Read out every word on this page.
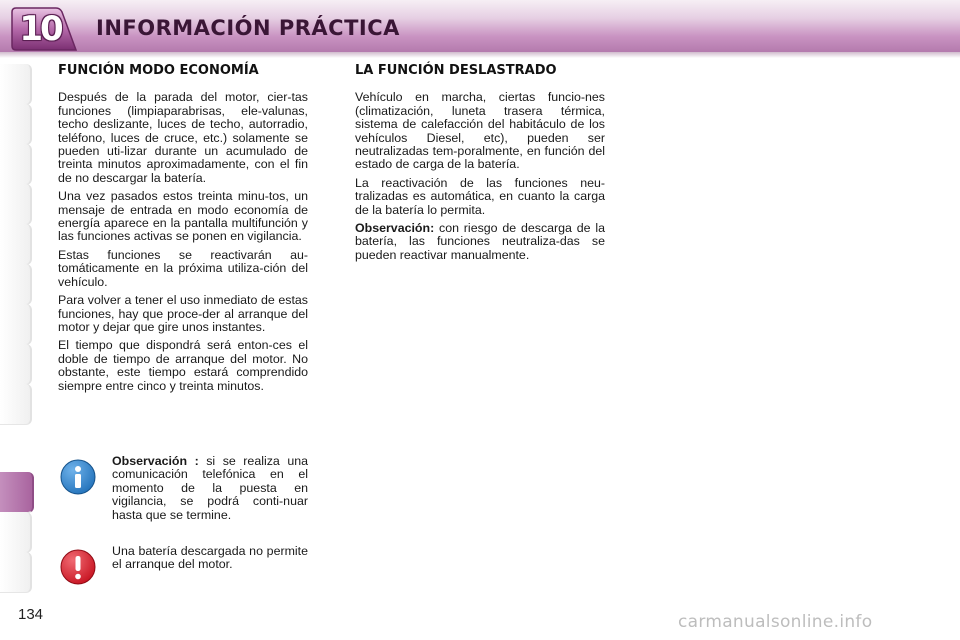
10	INFORMACIÓN PRÁCTICA
FUNCIÓN MODO ECONOMÍA

Después de la parada del motor, cier-tas funciones (limpiaparabrisas, ele-valunas, techo deslizante, luces de techo, autorradio, teléfono, luces de cruce, etc.) solamente se pueden uti-lizar durante un acumulado de treinta minutos aproximadamente, con el fin de no descargar la batería.

Una vez pasados estos treinta minu-tos, un mensaje de entrada en modo economía de energía aparece en la pantalla multifunción y las funciones activas se ponen en vigilancia.

Estas funciones se reactivarán au-tomáticamente en la próxima utiliza-ción del vehículo.

Para volver a tener el uso inmediato de estas funciones, hay que proce-der al arranque del motor y dejar que gire unos instantes.

El tiempo que dispondrá será enton-ces el doble de tiempo de arranque del motor. No obstante, este tiempo estará comprendido siempre entre cinco y treinta minutos.

Observación : si se realiza una comunicación telefónica en el momento de la puesta en vigilancia, se podrá conti-nuar hasta que se termine.
Una batería descargada no permite el arranque del motor.
LA FUNCIÓN DESLASTRADO

Vehículo en marcha, ciertas funcio-nes (climatización, luneta trasera térmica, sistema de calefacción del habitáculo de los vehículos Diesel, etc), pueden ser neutralizadas tem-poralmente, en función del estado de carga de la batería.

La reactivación de las funciones neu-tralizadas es automática, en cuanto la carga de la batería lo permita.

Observación: con riesgo de descarga de la batería, las funciones neutraliza-das se pueden reactivar manualmente.

134	carmanualsonline.info
